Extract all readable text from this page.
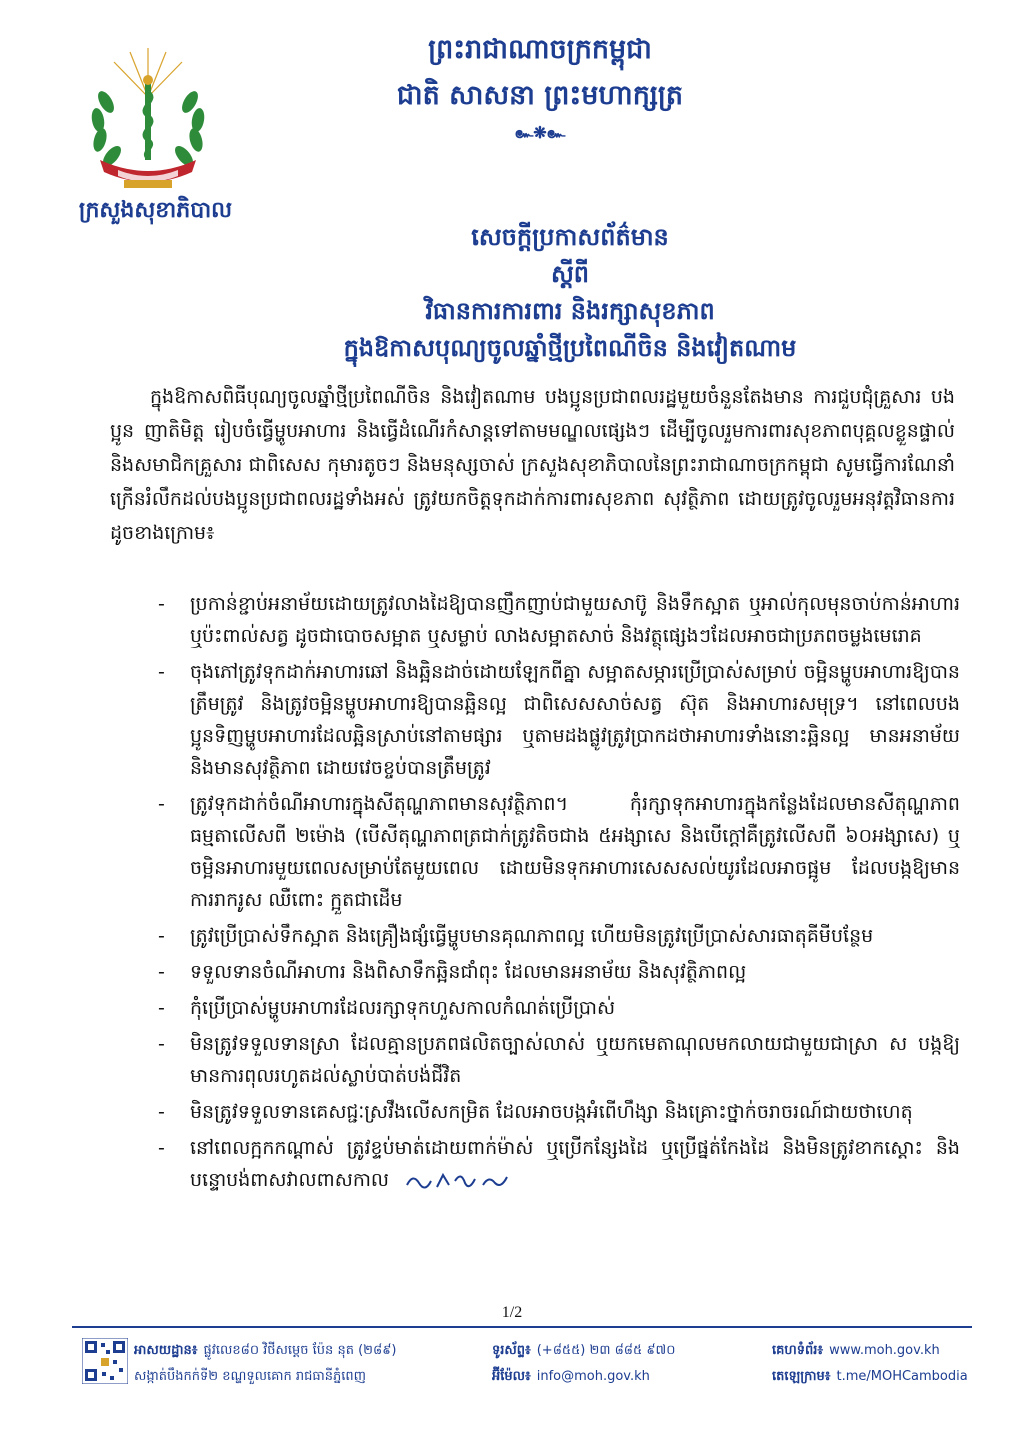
ក្រសួងសុខាភិបាល
ព្រះរាជាណាចក្រកម្ពុជា
ជាតិ សាសនា ព្រះមហាក្សត្រ
๛❋๛
សេចក្តីប្រកាសព័ត៌មាន
ស្តីពី
វិធានការការពារ និងរក្សាសុខភាព
ក្នុងឱកាសបុណ្យចូលឆ្នាំថ្មីប្រពៃណីចិន និងវៀតណាម
ក្នុងឱកាសពិធីបុណ្យចូលឆ្នាំថ្មីប្រពៃណីចិន និងវៀតណាម បងប្អូនប្រជាពលរដ្ឋមួយចំនួនតែងមាន ការជួបជុំគ្រួសារ បងប្អូន ញាតិមិត្ត រៀបចំធ្វើម្ហូបអាហារ និងធ្វើដំណើរកំសាន្តទៅតាមមណ្ឌលផ្សេងៗ ដើម្បីចូលរួមការពារសុខភាពបុគ្គលខ្លួនផ្ទាល់ និងសមាជិកគ្រួសារ ជាពិសេស កុមារតូចៗ និងមនុស្សចាស់ ក្រសួងសុខាភិបាលនៃព្រះរាជាណាចក្រកម្ពុជា សូមធ្វើការណែនាំ ក្រើនរំលឹកដល់បងប្អូនប្រជាពលរដ្ឋទាំងអស់ ត្រូវយកចិត្តទុកដាក់ការពារសុខភាព សុវត្ថិភាព ដោយត្រូវចូលរួមអនុវត្តវិធានការដូចខាងក្រោម៖
- ប្រកាន់ខ្ជាប់អនាម័យដោយត្រូវលាងដៃឱ្យបានញឹកញាប់ជាមួយសាប៊ូ និងទឹកស្អាត ឬអាល់កុលមុនចាប់កាន់អាហារ ឬប៉ះពាល់សត្វ ដូចជាបោចសម្អាត ឬសម្លាប់ លាងសម្អាតសាច់ និងវត្ថុផ្សេងៗដែលអាចជាប្រភពចម្លងមេរោគ
- ចុងភៅត្រូវទុកដាក់អាហារឆៅ និងឆ្អិនដាច់ដោយឡែកពីគ្នា សម្អាតសម្ភារប្រើប្រាស់សម្រាប់ ចម្អិនម្ហូបអាហារឱ្យបានត្រឹមត្រូវ និងត្រូវចម្អិនម្ហូបអាហារឱ្យបានឆ្អិនល្អ ជាពិសេសសាច់សត្វ ស៊ុត និងអាហារសមុទ្រ។ នៅពេលបងប្អូនទិញម្ហូបអាហារដែលឆ្អិនស្រាប់នៅតាមផ្សារ ឬតាមដងផ្លូវត្រូវប្រាកដថាអាហារទាំងនោះឆ្អិនល្អ មានអនាម័យ និងមានសុវត្ថិភាព ដោយវេចខ្ចប់បានត្រឹមត្រូវ
- ត្រូវទុកដាក់ចំណីអាហារក្នុងសីតុណ្ហភាពមានសុវត្ថិភាព។ កុំរក្សាទុកអាហារក្នុងកន្លែងដែលមានសីតុណ្ហភាពធម្មតាលើសពី ២ម៉ោង (បើសីតុណ្ហភាពត្រជាក់ត្រូវតិចជាង ៥អង្សាសេ និងបើក្តៅគឺត្រូវលើសពី ៦០អង្សាសេ) ឬ ចម្អិនអាហារមួយពេលសម្រាប់តែមួយពេល ដោយមិនទុកអាហារសេសសល់យូរដែលអាចផ្អូម ដែលបង្កឱ្យមានការរាករូស ឈឺពោះ ក្អួតជាដើម
- ត្រូវប្រើប្រាស់ទឹកស្អាត និងគ្រឿងផ្សំធ្វើម្ហូបមានគុណភាពល្អ ហើយមិនត្រូវប្រើប្រាស់សារធាតុគីមីបន្ថែម
- ទទួលទានចំណីអាហារ និងពិសាទឹកឆ្អិនជាំពុះ ដែលមានអនាម័យ និងសុវត្ថិភាពល្អ
- កុំប្រើប្រាស់ម្ហូបអាហារដែលរក្សាទុកហួសកាលកំណត់ប្រើប្រាស់
- មិនត្រូវទទួលទានស្រា ដែលគ្មានប្រភពផលិតច្បាស់លាស់ ឬយកមេតាណុលមកលាយជាមួយជាស្រា ស បង្កឱ្យមានការពុលរហូតដល់ស្លាប់បាត់បង់ជីវិត
- មិនត្រូវទទួលទានគេសជ្ជៈស្រវឹងលើសកម្រិត ដែលអាចបង្កអំពើហឹង្សា និងគ្រោះថ្នាក់ចរាចរណ៍ជាយថាហេតុ
- នៅពេលក្អកកណ្តាស់ ត្រូវខ្ទប់មាត់ដោយពាក់ម៉ាស់ ឬប្រើកន្សែងដៃ ឬប្រើផ្នត់កែងដៃ និងមិនត្រូវខាកស្តោះ និងបន្ទោបង់ពាសវាលពាសកាល
1/2
អាសយដ្ឋាន៖ ផ្លូវលេខ៨០ វិថីសម្តេច ប៉ែន នុត (២៨៩)
សង្កាត់បឹងកក់ទី២ ខណ្ឌទួលគោក រាជធានីភ្នំពេញ
ទូរស័ព្ទ៖ (+៨៥៥) ២៣ ៨៨៥ ៩៧០
អ៊ីម៉ែល៖ info@moh.gov.kh
គេហទំព័រ៖ www.moh.gov.kh
តេឡេក្រាម៖ t.me/MOHCambodia
